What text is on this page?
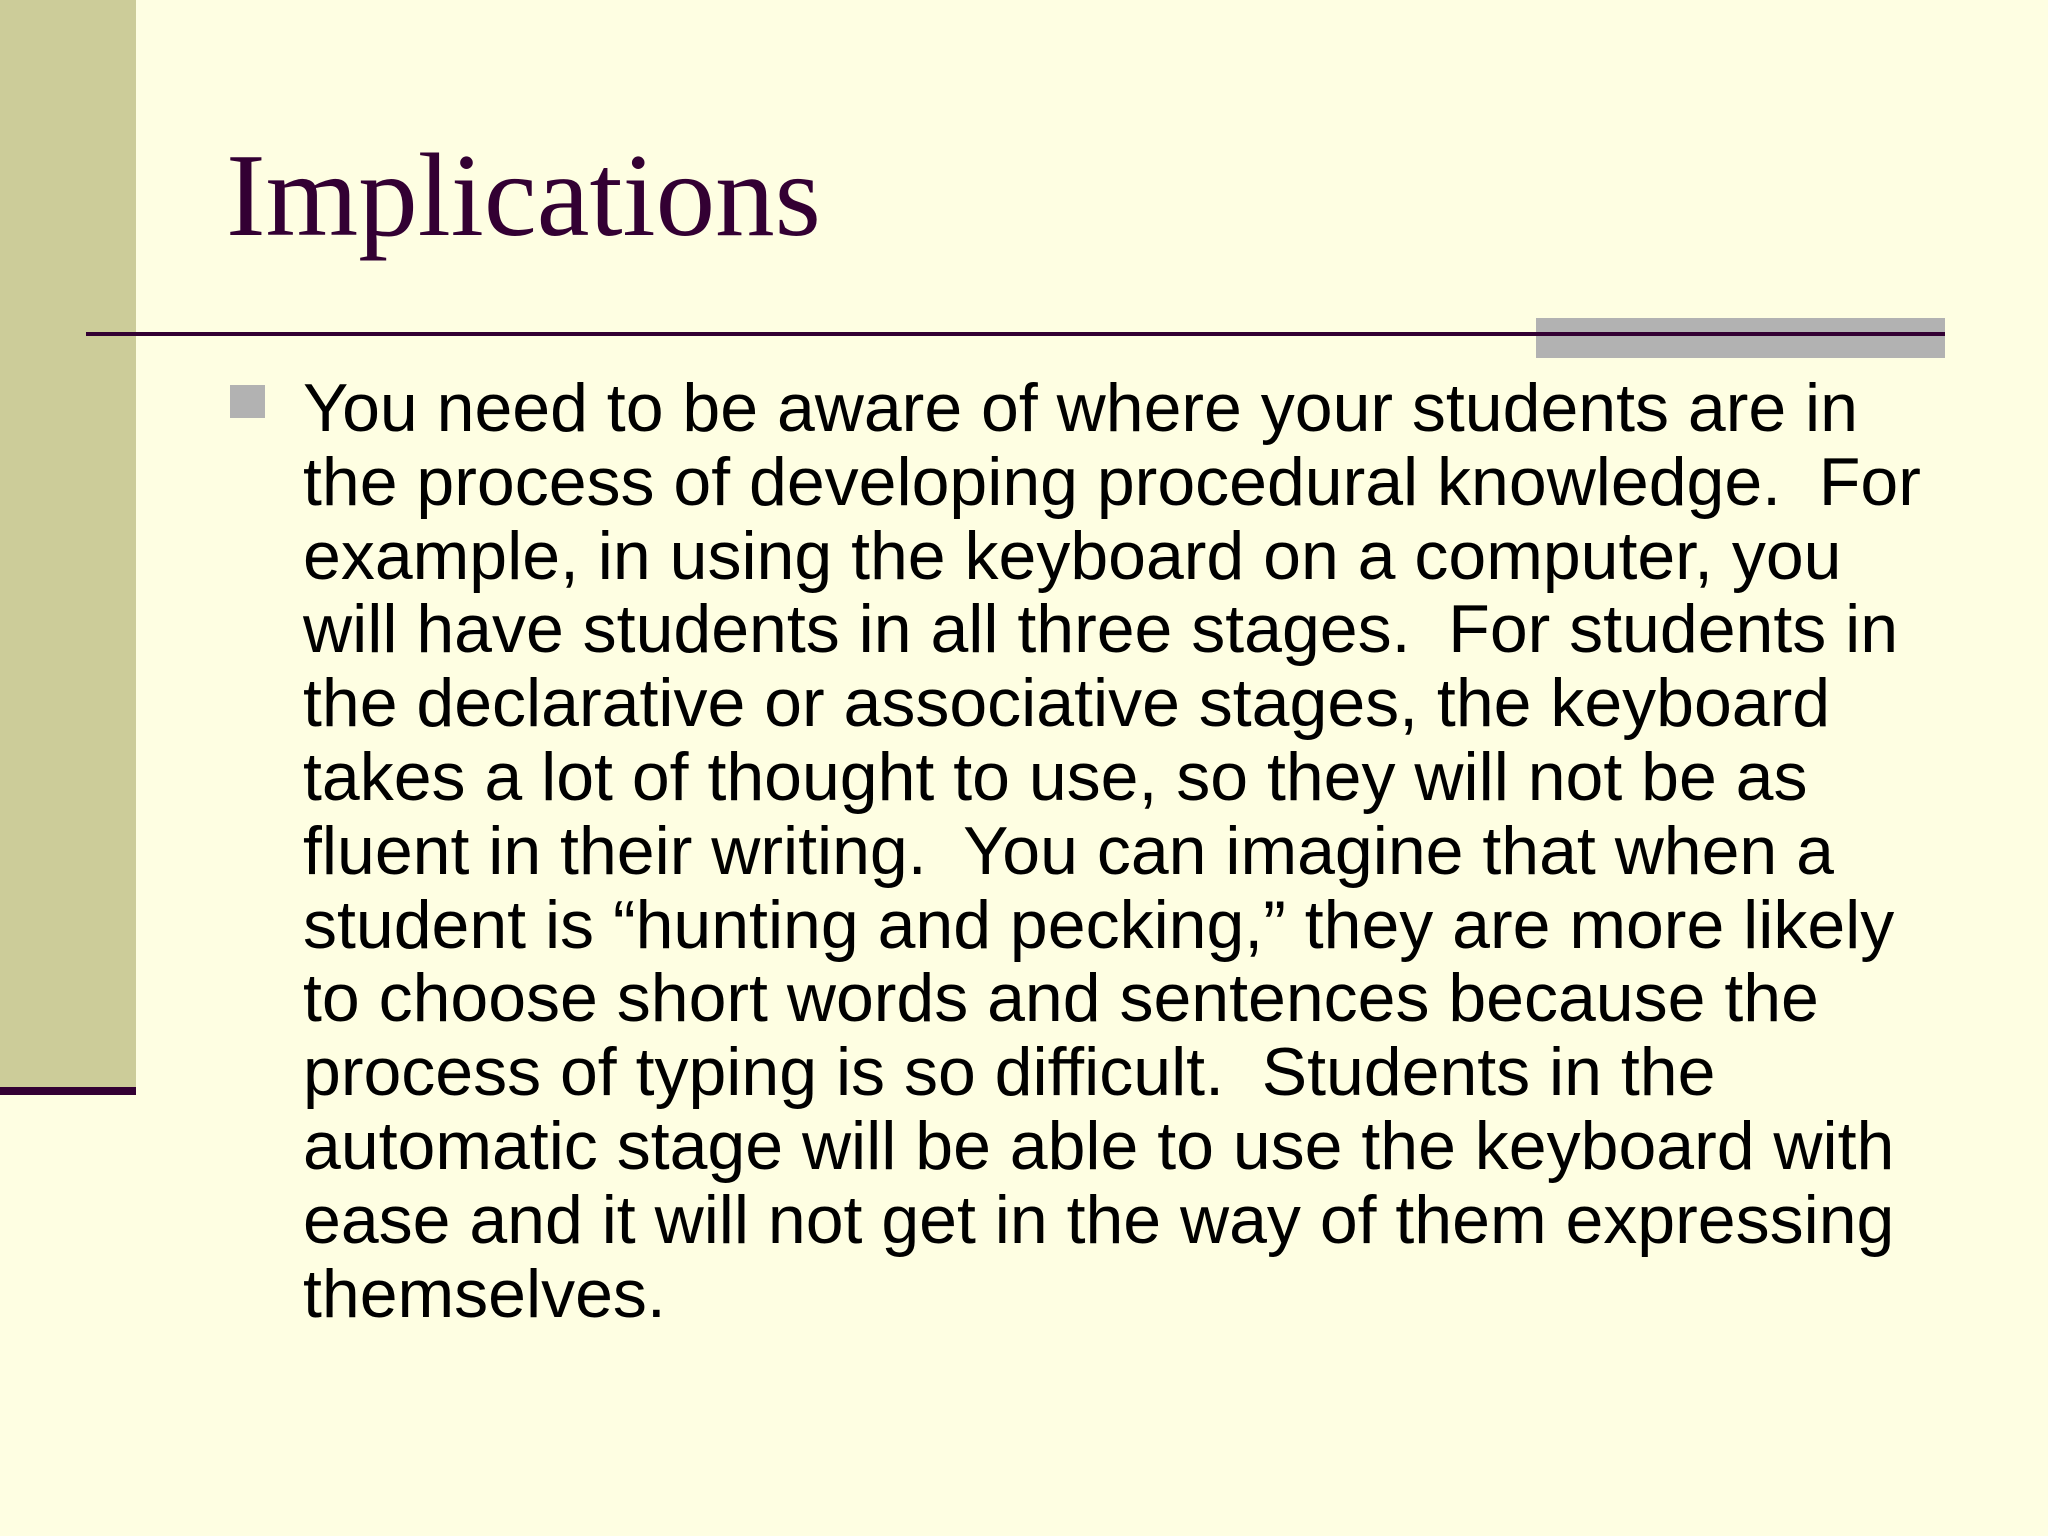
Implications
You need to be aware of where your students are in
the process of developing procedural knowledge.  For
example, in using the keyboard on a computer, you
will have students in all three stages.  For students in
the declarative or associative stages, the keyboard
takes a lot of thought to use, so they will not be as
fluent in their writing.  You can imagine that when a
student is “hunting and pecking,” they are more likely
to choose short words and sentences because the
process of typing is so difficult.  Students in the
automatic stage will be able to use the keyboard with
ease and it will not get in the way of them expressing
themselves.
